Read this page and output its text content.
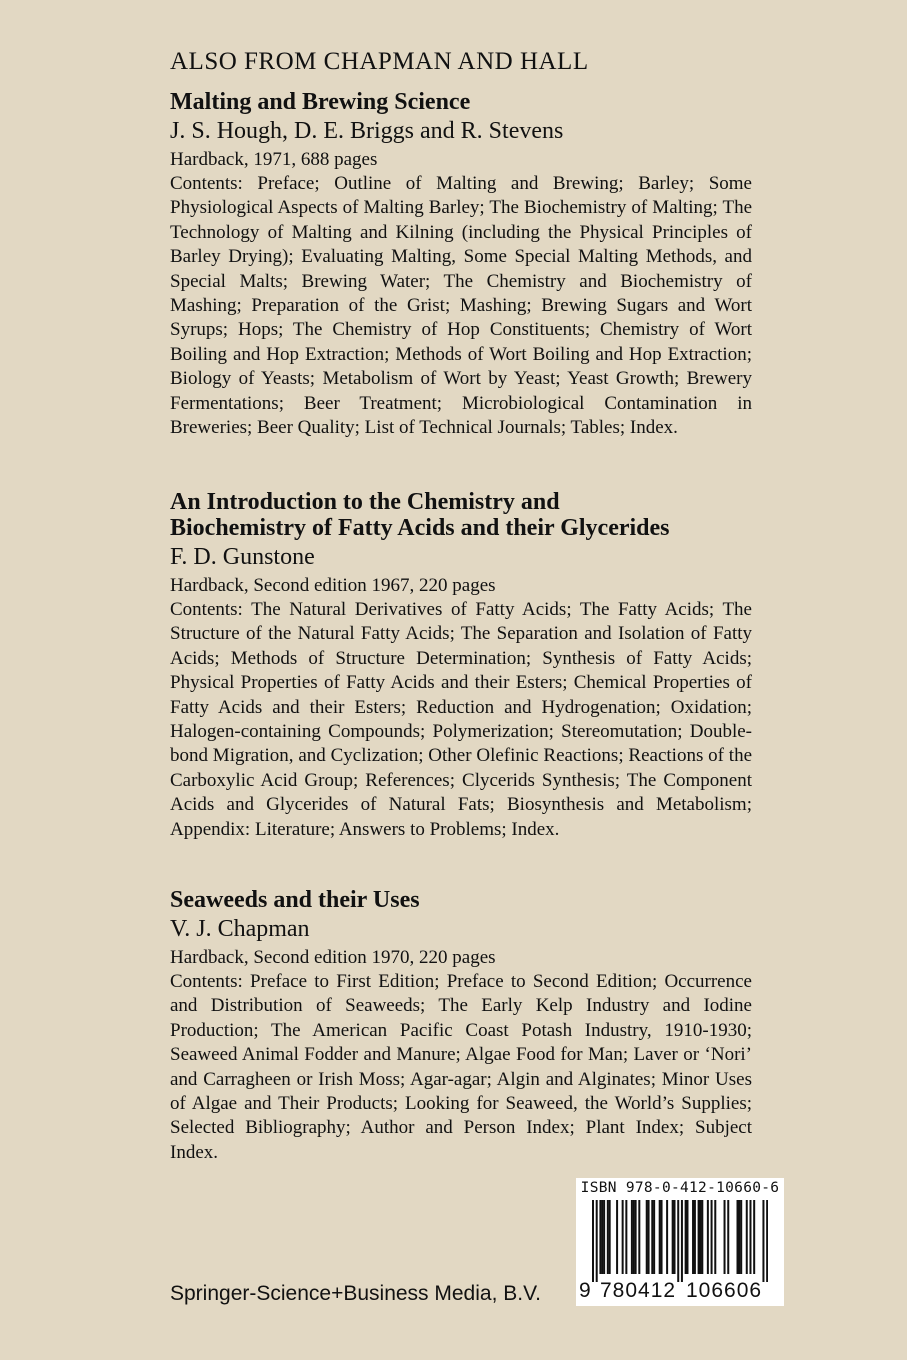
ALSO FROM CHAPMAN AND HALL
Malting and Brewing Science
J. S. Hough, D. E. Briggs and R. Stevens
Hardback, 1971, 688 pages
Contents: Preface; Outline of Malting and Brewing; Barley; Some Physiological Aspects of Malting Barley; The Biochemistry of Malting; The Technology of Malting and Kilning (including the Physical Principles of Barley Drying); Evaluating Malting, Some Special Malting Methods, and Special Malts; Brewing Water; The Chemistry and Biochemistry of Mashing; Preparation of the Grist; Mashing; Brewing Sugars and Wort Syrups; Hops; The Chemistry of Hop Constituents; Chemistry of Wort Boiling and Hop Extraction; Methods of Wort Boiling and Hop Extraction; Biology of Yeasts; Metabolism of Wort by Yeast; Yeast Growth; Brewery Fermentations; Beer Treatment; Microbiological Contamination in Breweries; Beer Quality; List of Technical Journals; Tables; Index.
An Introduction to the Chemistry and
Biochemistry of Fatty Acids and their Glycerides
F. D. Gunstone
Hardback, Second edition 1967, 220 pages
Contents: The Natural Derivatives of Fatty Acids; The Fatty Acids; The Structure of the Natural Fatty Acids; The Separation and Isolation of Fatty Acids; Methods of Structure Determination; Synthesis of Fatty Acids; Physical Properties of Fatty Acids and their Esters; Chemical Properties of Fatty Acids and their Esters; Reduction and Hydrogenation; Oxidation; Halogen-containing Compounds; Polymerization; Stereomutation; Double-bond Migration, and Cyclization; Other Olefinic Reactions; Reactions of the Carboxylic Acid Group; References; Clycerids Synthesis; The Component Acids and Glycerides of Natural Fats; Biosynthesis and Metabolism; Appendix: Literature; Answers to Problems; Index.
Seaweeds and their Uses
V. J. Chapman
Hardback, Second edition 1970, 220 pages
Contents: Preface to First Edition; Preface to Second Edition; Occurrence and Distribution of Seaweeds; The Early Kelp Industry and Iodine Production; The American Pacific Coast Potash Industry, 1910-1930; Seaweed Animal Fodder and Manure; Algae Food for Man; Laver or ‘Nori’ and Carragheen or Irish Moss; Agar-agar; Algin and Alginates; Minor Uses of Algae and Their Products; Looking for Seaweed, the World’s Supplies; Selected Bibliography; Author and Person Index; Plant Index; Subject Index.
Springer-Science+Business Media, B.V.
ISBN 978-0-412-10660-6
9 780412 106606
